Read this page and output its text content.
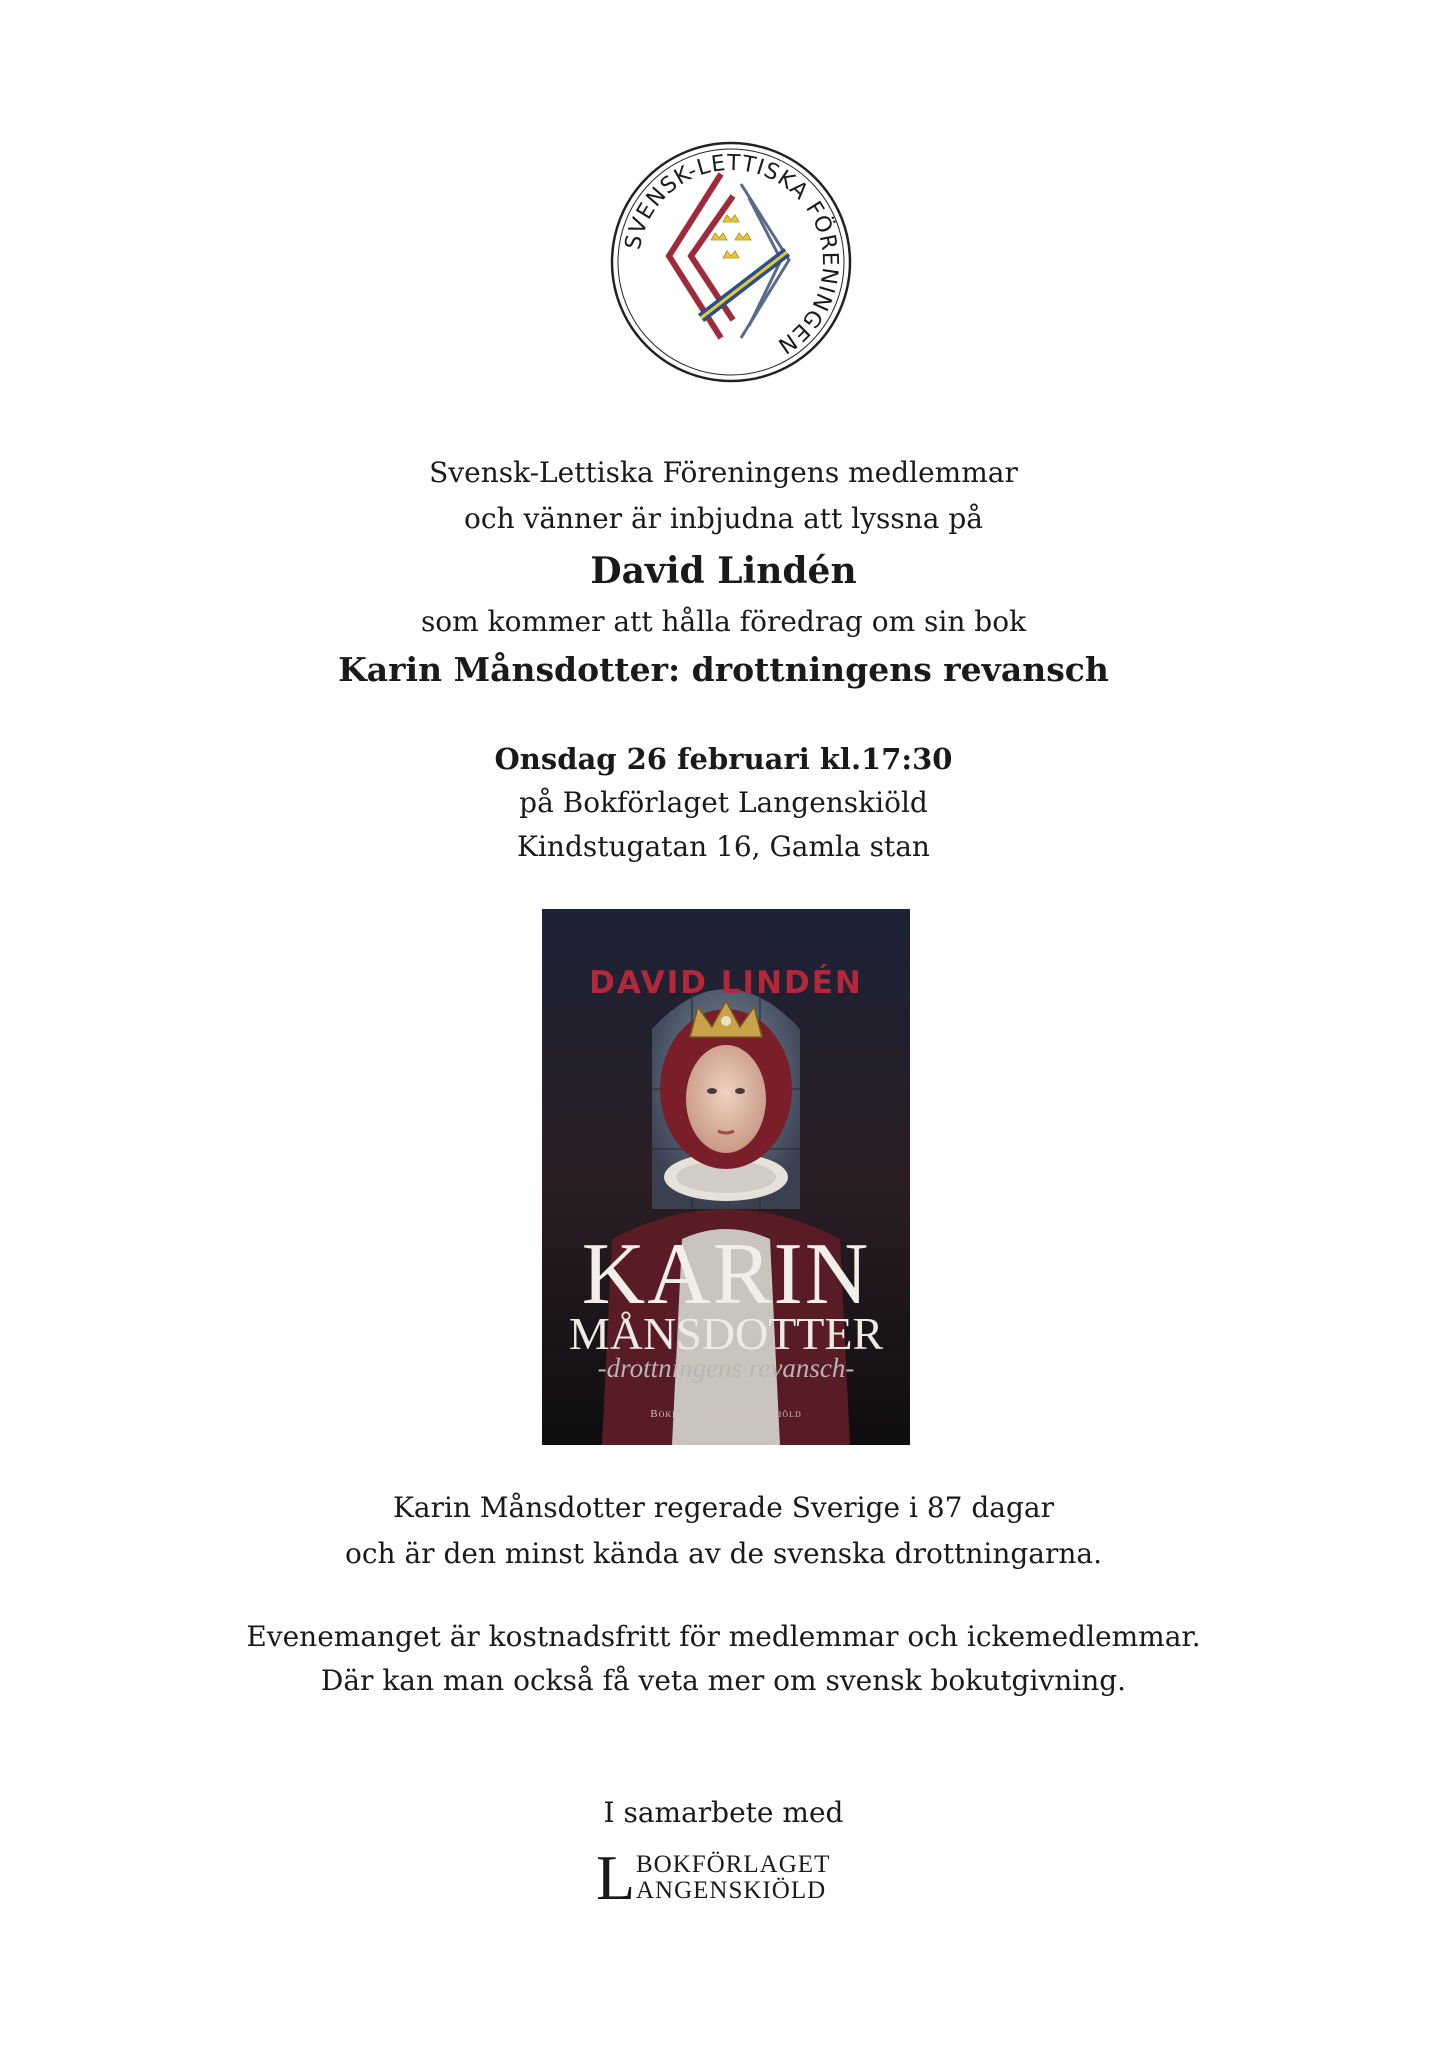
SVENSK-LETTISKA FÖRENINGEN
Svensk-Lettiska Föreningens medlemmar
och vänner är inbjudna att lyssna på
David Lindén
som kommer att hålla föredrag om sin bok
Karin Månsdotter: drottningens revansch
Onsdag 26 februari kl.17:30
på Bokförlaget Langenskiöld
Kindstugatan 16, Gamla stan
DAVID LINDÉN
KARIN
MÅNSDOTTER
-drottningens revansch-
Bokförlaget Langenskiöld
Karin Månsdotter regerade Sverige i 87 dagar
och är den minst kända av de svenska drottningarna.
Evenemanget är kostnadsfritt för medlemmar och ickemedlemmar.
Där kan man också få veta mer om svensk bokutgivning.
I samarbete med
L BOKFÖRLAGET
ANGENSKIÖLD
